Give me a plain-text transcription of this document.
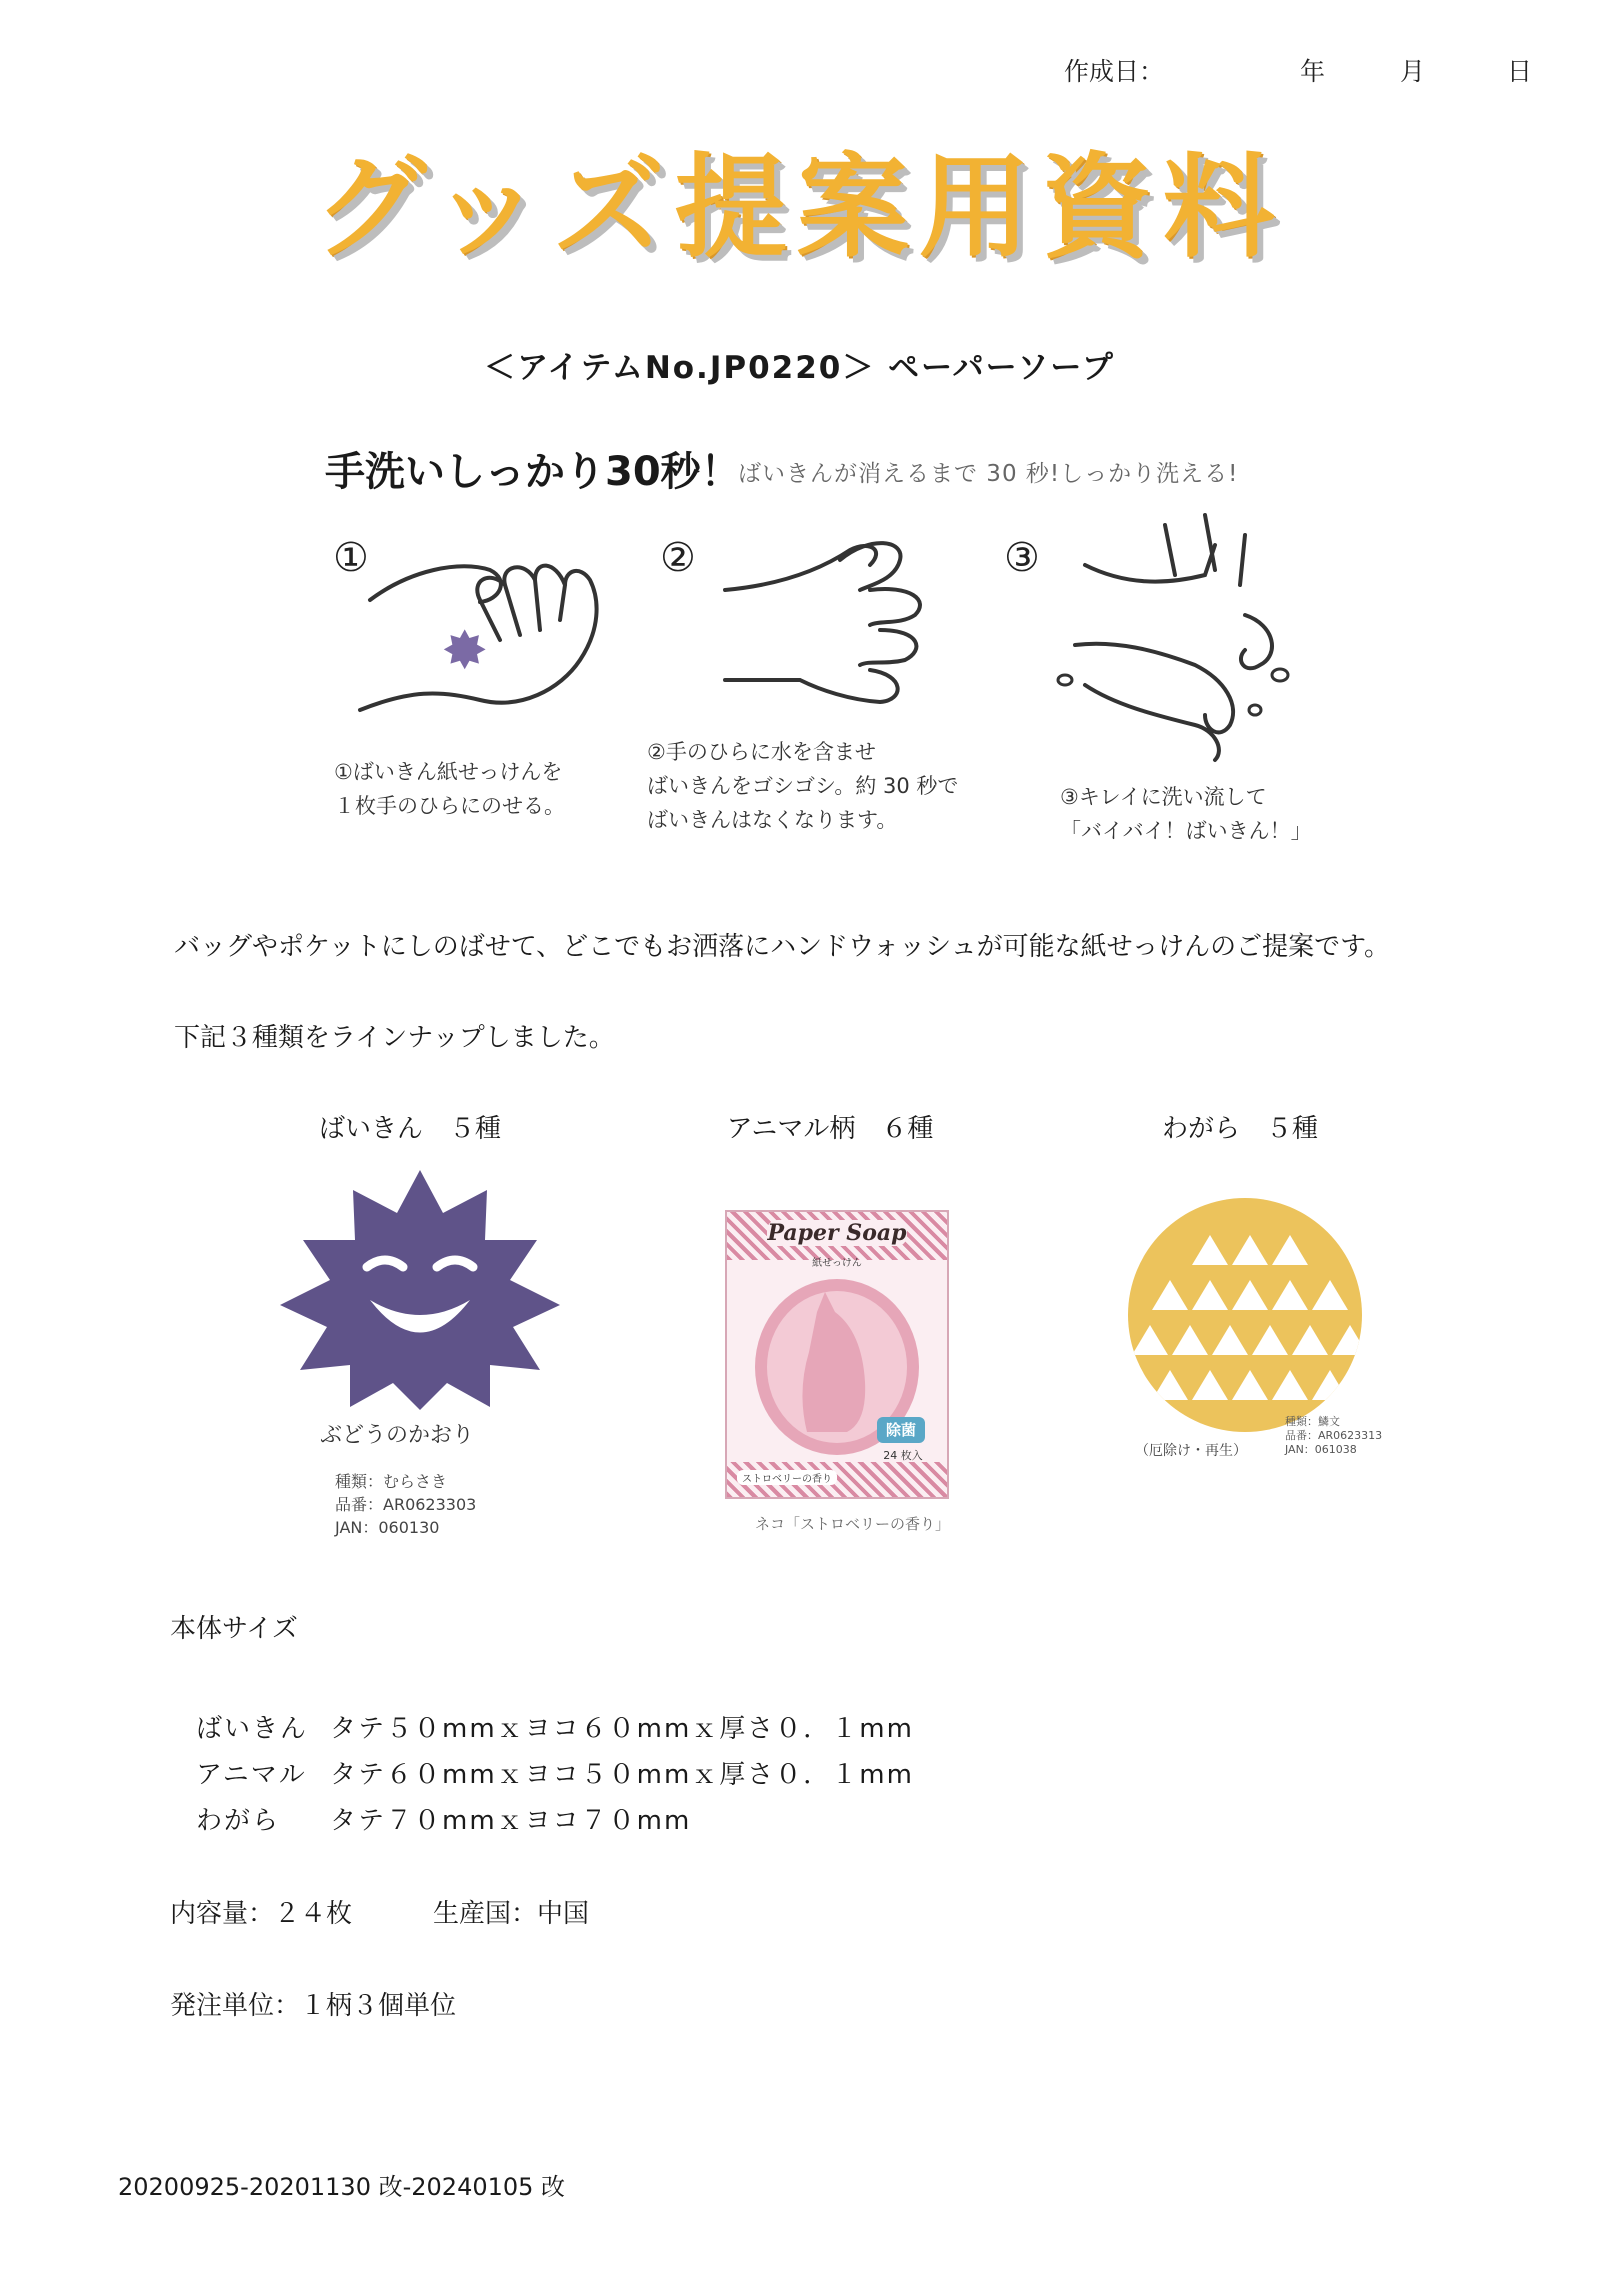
作成日：	年	月	日
グッズ提案用資料
＜アイテムNo.JP0220＞ ペーパーソープ
手洗いしっかり30秒！
ばいきんが消えるまで 30 秒!しっかり洗える!
①
①ばいきん紙せっけんを
１枚手のひらにのせる。
②
②手のひらに水を含ませ
ばいきんをゴシゴシ。約 30 秒で
ばいきんはなくなります。
③
③キレイに洗い流して
「バイバイ！ばいきん！」
バッグやポケットにしのばせて、どこでもお洒落にハンドウォッシュが可能な紙せっけんのご提案です。
下記３種類をラインナップしました。
ばいきん　５種	アニマル柄　６種	わがら　５種
ぶどうのかおり
種類：むらさき
品番：AR0623303
JAN：060130
Paper Soap
紙せっけん
除菌
24 枚入
ストロベリーの香り
ネコ「ストロベリーの香り」
（厄除け・再生）
種類：鱗文
品番：AR0623313
JAN：061038
本体サイズ
ばいきん タテ５０mmｘヨコ６０mmｘ厚さ０．１mm
アニマル タテ６０mmｘヨコ５０mmｘ厚さ０．１mm
わがら タテ７０mmｘヨコ７０mm
内容量：２４枚	生産国：中国
発注単位：１柄３個単位
20200925-20201130 改-20240105 改
